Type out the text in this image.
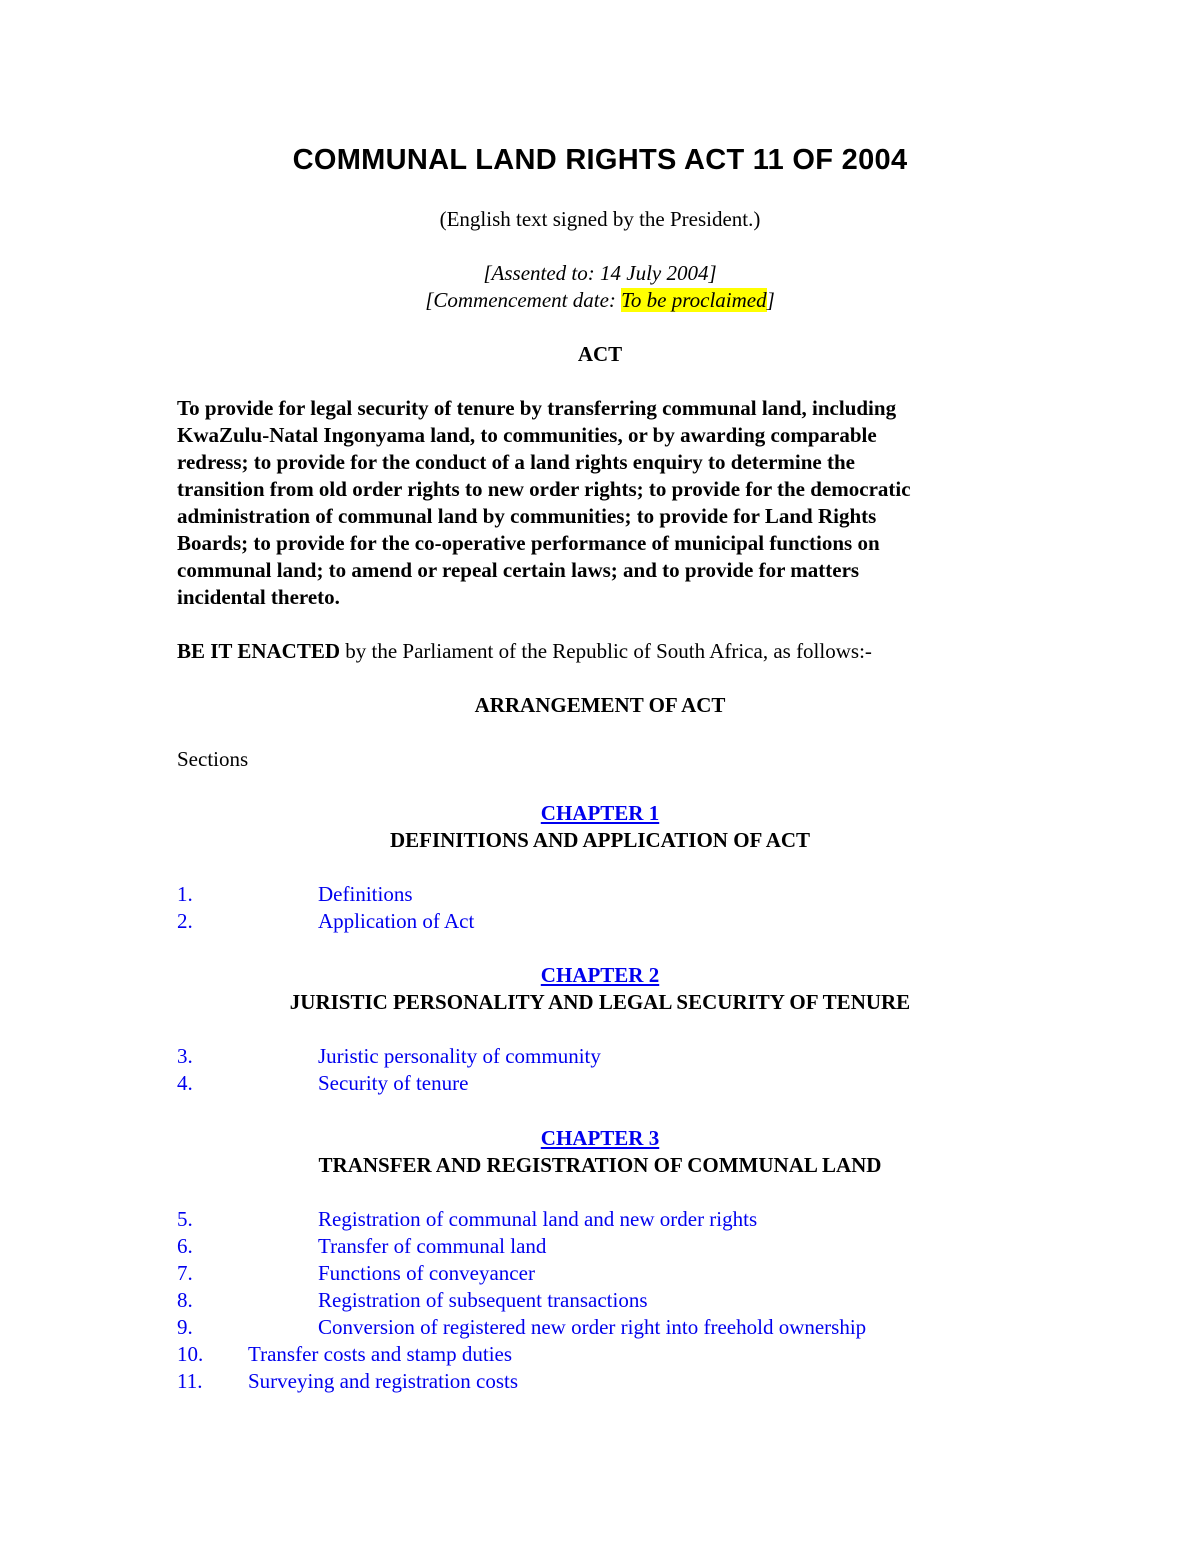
COMMUNAL LAND RIGHTS ACT 11 OF 2004
(English text signed by the President.)
[Assented to: 14 July 2004]
[Commencement date: To be proclaimed]
ACT
To provide for legal security of tenure by transferring communal land, including
KwaZulu-Natal Ingonyama land, to communities, or by awarding comparable
redress; to provide for the conduct of a land rights enquiry to determine the
transition from old order rights to new order rights; to provide for the democratic
administration of communal land by communities; to provide for Land Rights
Boards; to provide for the co-operative performance of municipal functions on
communal land; to amend or repeal certain laws; and to provide for matters
incidental thereto.
BE IT ENACTED by the Parliament of the Republic of South Africa, as follows:-
ARRANGEMENT OF ACT
Sections
CHAPTER 1
DEFINITIONS AND APPLICATION OF ACT
1.	Definitions
2.	Application of Act
CHAPTER 2
JURISTIC PERSONALITY AND LEGAL SECURITY OF TENURE
3.	Juristic personality of community
4.	Security of tenure
CHAPTER 3
TRANSFER AND REGISTRATION OF COMMUNAL LAND
5.	Registration of communal land and new order rights
6.	Transfer of communal land
7.	Functions of conveyancer
8.	Registration of subsequent transactions
9.	Conversion of registered new order right into freehold ownership
10. Transfer costs and stamp duties
11. Surveying and registration costs
